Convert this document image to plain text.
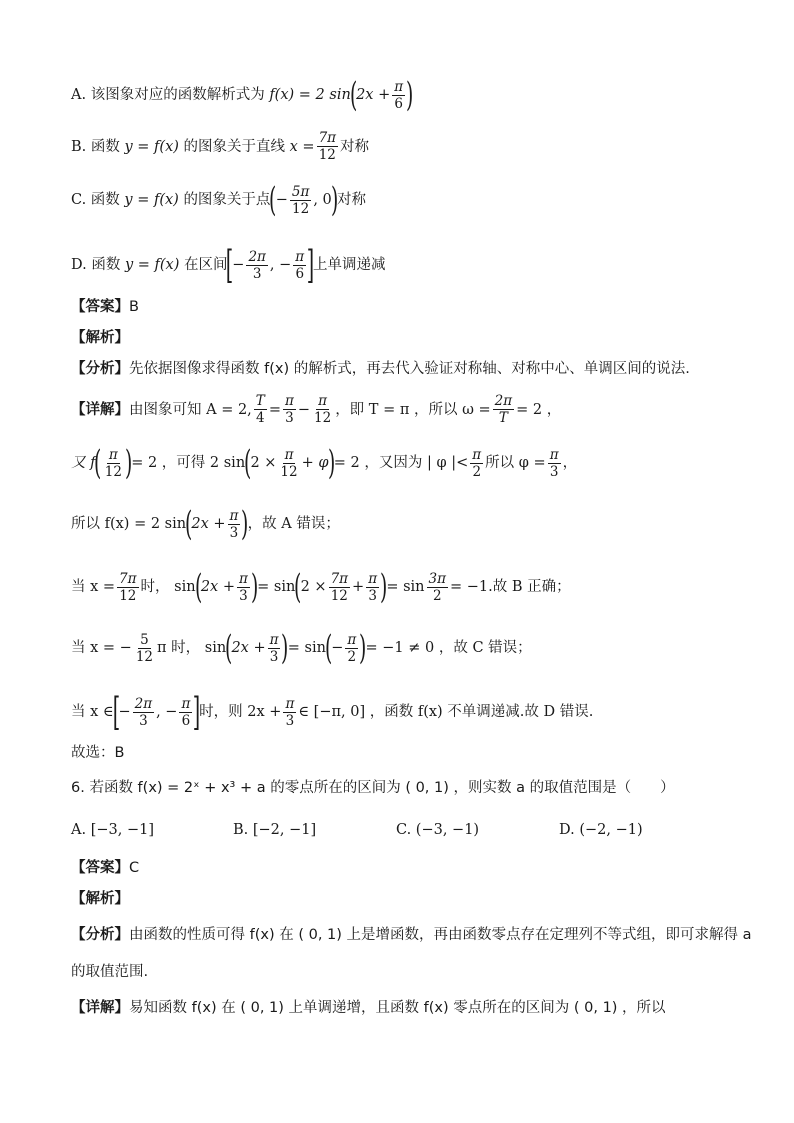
A. 该图象对应的函数解析式为
f(x) = 2 sin
(
$2x + \frac{\pi}{6}$ )
B. 函数
y = f(x)
的图象关于直线
$x = \frac{7\pi}{12}$ 对称
C. 函数
y = f(x)
的图象关于点
(
− $\frac{5\pi}{12}$ , 0
)
对称
D. 函数
y = f(x)
在区间
[
− $\frac{2\pi}{3}$ , − $\frac{\pi}{6}$ ]
上单调递减
【答案】 B
【解析】
【分析】 先依据图像求得函数 f(x) 的解析式，再去代入验证对称轴、对称中心、单调区间的说法.
【详解】 由图象可知 A = 2, $\frac{T}{4} = \frac{\pi}{3} - \frac{\pi}{12}$ ，即 T = π ，所以 $\omega = \frac{2\pi}{T} = 2$ ，
又 f
( $\frac{\pi}{12}$ )
= 2 ，可得 2 sin
(
$2 \times \frac{\pi}{12} + \varphi$
)
= 2 ，又因为 | φ |< $\frac{\pi}{2}$ 所以 $\varphi = \frac{\pi}{3}$ ，
所以 f(x) = 2 sin
(
$2x + \frac{\pi}{3}$ )
，故 A 错误；
当 $x = \frac{7\pi}{12}$ 时， sin
(
$2x + \frac{\pi}{3}$ )
= sin
(
$2 \times \frac{7\pi}{12} + \frac{\pi}{3}$ )
= $\sin \frac{3\pi}{2} = -1$.故 B 正确；
当 x = − $\frac{5}{12}$ π 时， sin
(
$2x + \frac{\pi}{3}$ )
= sin
(
− $\frac{\pi}{2}$ )
= −1 ≠ 0 ，故 C 错误；
当 x ∈
[
− $\frac{2\pi}{3}$ , − $\frac{\pi}{6}$ ]
时，则 $2x + \frac{\pi}{3}$ ∈ [−π, 0] ，函数 f(x) 不单调递减.故 D 错误.
故选：B
6. 若函数 f(x) = 2ˣ + x³ + a 的零点所在的区间为 ( 0, 1) ，则实数 a 的取值范围是（　　）
A. [−3, −1]	B. [−2, −1]	C. (−3, −1)	D. (−2, −1)
【答案】 C
【解析】
【分析】 由函数的性质可得 f(x) 在 ( 0, 1) 上是增函数，再由函数零点存在定理列不等式组，即可求解得 a
的取值范围.
【详解】 易知函数 f(x) 在 ( 0, 1) 上单调递增，且函数 f(x) 零点所在的区间为 ( 0, 1) ，所以
